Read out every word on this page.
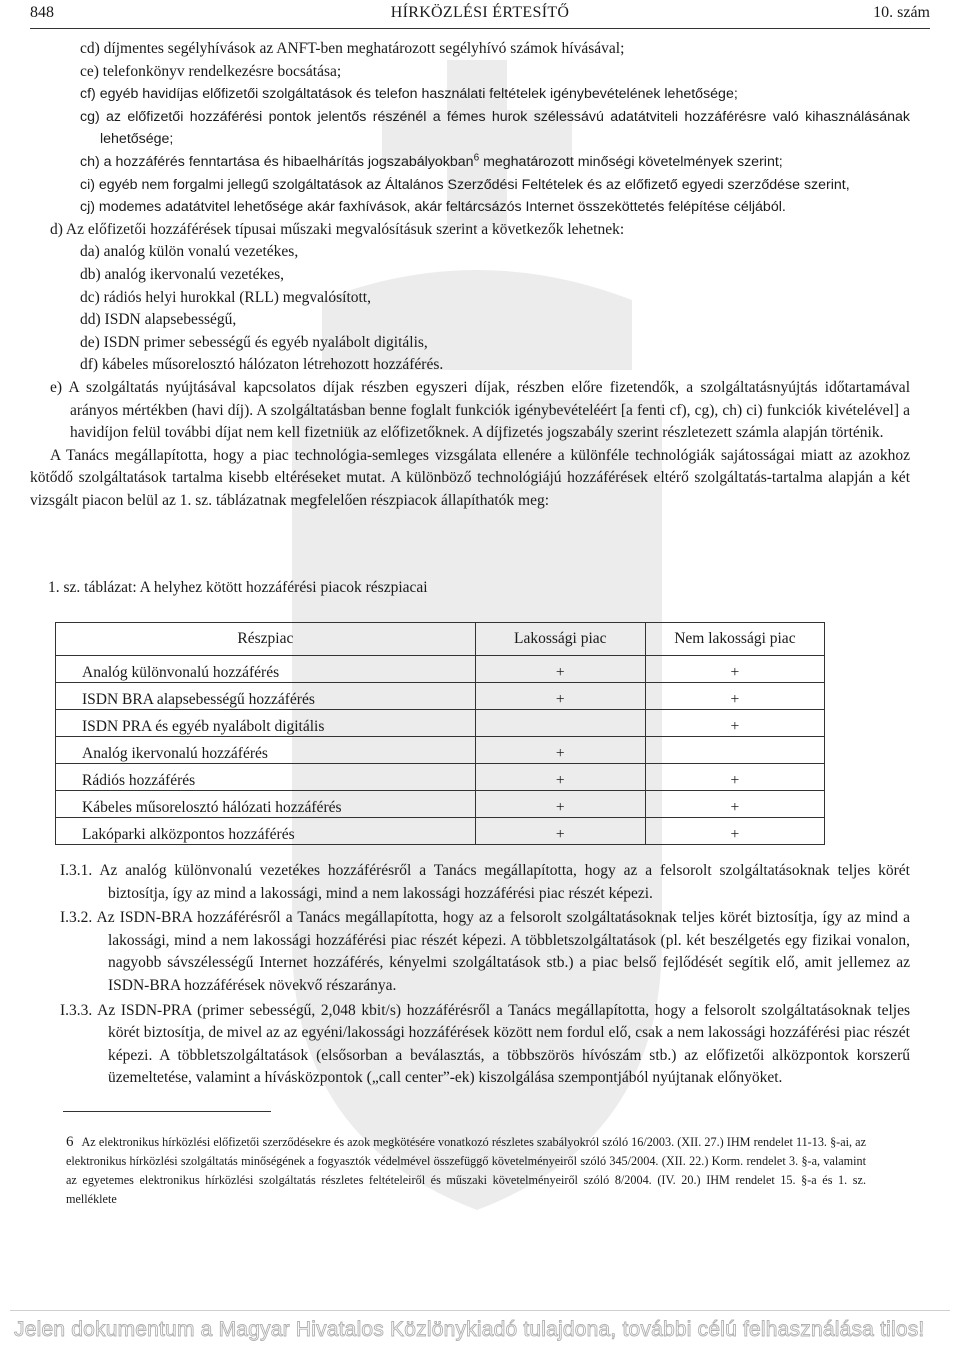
848	HÍRKÖZLÉSI ÉRTESÍTŐ	10. szám

cd) díjmentes segélyhívások az ANFT-ben meghatározott segélyhívó számok hívásával;

ce) telefonkönyv rendelkezésre bocsátása;

cf) egyéb havidíjas előfizetői szolgáltatások és telefon használati feltételek igénybevételének lehetősége;

cg) az előfizetői hozzáférési pontok jelentős részénél a fémes hurok szélessávú adatátviteli hozzáférésre való kihasználásának lehetősége;

ch) a hozzáférés fenntartása és hibaelhárítás jogszabályokban$^6$ meghatározott minőségi követelmények szerint;

ci) egyéb nem forgalmi jellegű szolgáltatások az Általános Szerződési Feltételek és az előfizető egyedi szerződése szerint,

cj) modemes adatátvitel lehetősége akár faxhívások, akár feltárcsázós Internet összeköttetés felépítése céljából.

d) Az előfizetői hozzáférések típusai műszaki megvalósításuk szerint a következők lehetnek:

da) analóg külön vonalú vezetékes,

db) analóg ikervonalú vezetékes,

dc) rádiós helyi hurokkal (RLL) megvalósított,

dd) ISDN alapsebességű,

de) ISDN primer sebességű és egyéb nyalábolt digitális,

df) kábeles műsorelosztó hálózaton létrehozott hozzáférés.

e) A szolgáltatás nyújtásával kapcsolatos díjak részben egyszeri díjak, részben előre fizetendők, a szolgáltatásnyújtás időtartamával arányos mértékben (havi díj). A szolgáltatásban benne foglalt funkciók igénybevételéért [a fenti cf), cg), ch) ci) funkciók kivételével] a havidíjon felül további díjat nem kell fizetniük az előfizetőknek. A díjfizetés jogszabály szerint részletezett számla alapján történik.

A Tanács megállapította, hogy a piac technológia-semleges vizsgálata ellenére a különféle technológiák sajátosságai miatt az azokhoz kötődő szolgáltatások tartalma kisebb eltéréseket mutat. A különböző technológiájú hozzáférések eltérő szolgáltatás-tartalma alapján a két vizsgált piacon belül az 1. sz. táblázatnak megfelelően részpiacok állapíthatók meg:

1. sz. táblázat: A helyhez kötött hozzáférési piacok részpiacai
Részpiac	Lakossági piac	Nem lakossági piac
Analóg különvonalú hozzáférés	+	+
ISDN BRA alapsebességű hozzáférés	+	+
ISDN PRA és egyéb nyalábolt digitális		+
Analóg ikervonalú hozzáférés	+	
Rádiós hozzáférés	+	+
Kábeles műsorelosztó hálózati hozzáférés	+	+
Lakóparki alközpontos hozzáférés	+	+

I.3.1. Az analóg különvonalú vezetékes hozzáférésről a Tanács megállapította, hogy az a felsorolt szolgáltatásoknak teljes körét biztosítja, így az mind a lakossági, mind a nem lakossági hozzáférési piac részét képezi.

I.3.2. Az ISDN-BRA hozzáférésről a Tanács megállapította, hogy az a felsorolt szolgáltatásoknak teljes körét biztosítja, így az mind a lakossági, mind a nem lakossági hozzáférési piac részét képezi. A többletszolgáltatások (pl. két beszélgetés egy fizikai vonalon, nagyobb sávszélességű Internet hozzáférés, kényelmi szolgáltatások stb.) a piac belső fejlődését segítik elő, amit jellemez az ISDN-BRA hozzáférések növekvő részaránya.

I.3.3. Az ISDN-PRA (primer sebességű, 2,048 kbit/s) hozzáférésről a Tanács megállapította, hogy a felsorolt szolgáltatásoknak teljes körét biztosítja, de mivel az az egyéni/lakossági hozzáférések között nem fordul elő, csak a nem lakossági hozzáférési piac részét képezi. A többletszolgáltatások (elsősorban a beválasztás, a többszörös hívószám stb.) az előfizetői alközpontok korszerű üzemeltetése, valamint a hívásközpontok („call center”-ek) kiszolgálása szempontjából nyújtanak előnyöket.

6 Az elektronikus hírközlési előfizetői szerződésekre és azok megkötésére vonatkozó részletes szabályokról szóló 16/2003. (XII. 27.) IHM rendelet 11-13. §-ai, az elektronikus hírközlési szolgáltatás minőségének a fogyasztók védelmével összefüggő követelményeiről szóló 345/2004. (XII. 22.) Korm. rendelet 3. §-a, valamint az egyetemes elektronikus hírközlési szolgáltatás részletes feltételeiről és műszaki követelményeiről szóló 8/2004. (IV. 20.) IHM rendelet 15. §-a és 1. sz. melléklete
Jelen dokumentum a Magyar Hivatalos Közlönykiadó tulajdona, további célú felhasználása tilos!
